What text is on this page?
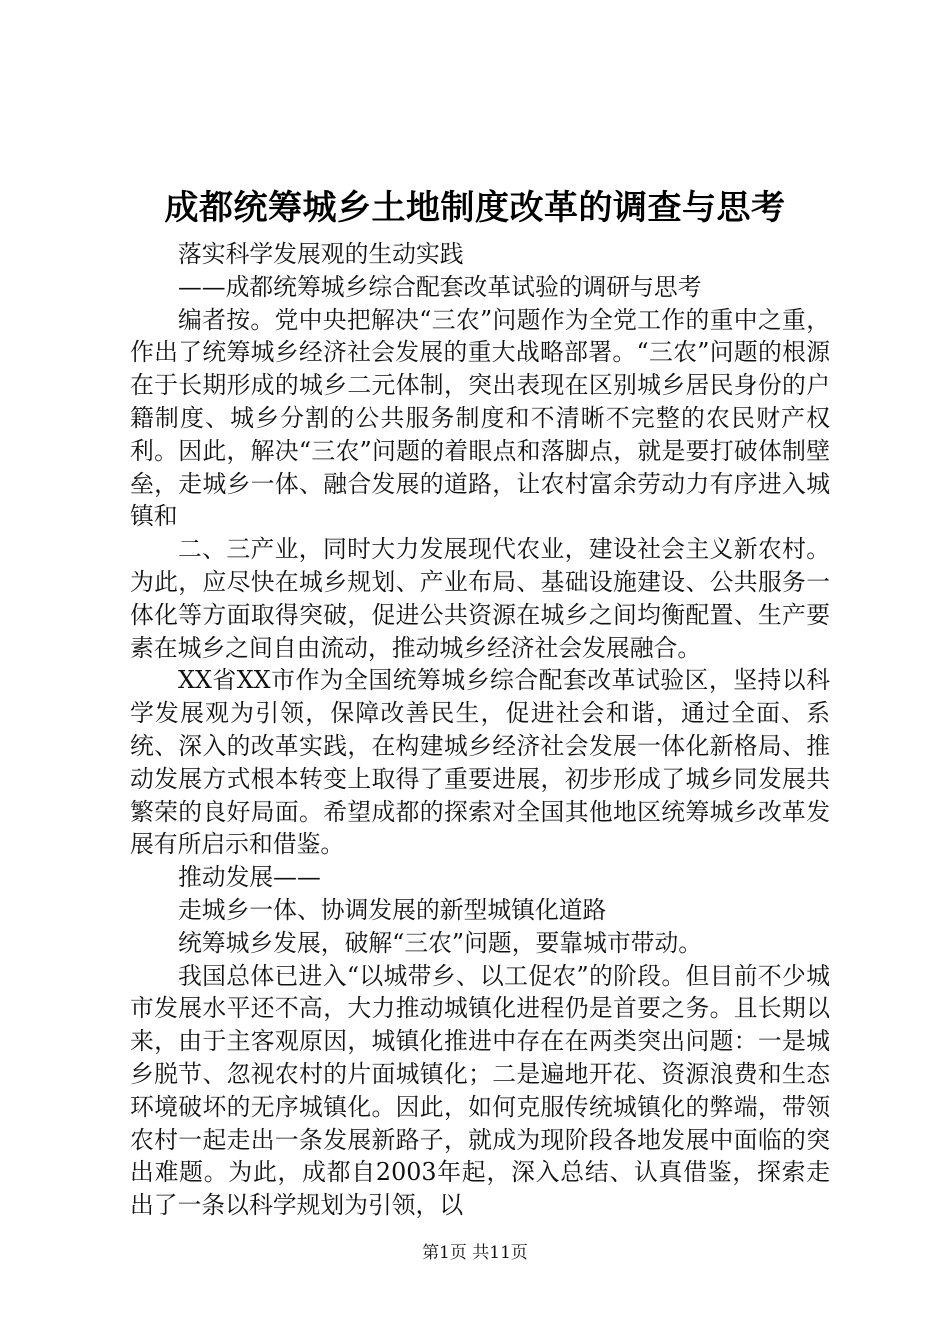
成都统筹城乡土地制度改革的调查与思考

落实科学发展观的生动实践

——成都统筹城乡综合配套改革试验的调研与思考

编者按。党中央把解决“三农”问题作为全党工作的重中之重，作出了统筹城乡经济社会发展的重大战略部署。“三农”问题的根源在于长期形成的城乡二元体制，突出表现在区别城乡居民身份的户籍制度、城乡分割的公共服务制度和不清晰不完整的农民财产权利。因此，解决“三农”问题的着眼点和落脚点，就是要打破体制壁垒，走城乡一体、融合发展的道路，让农村富余劳动力有序进入城镇和

二、三产业，同时大力发展现代农业，建设社会主义新农村。为此，应尽快在城乡规划、产业布局、基础设施建设、公共服务一体化等方面取得突破，促进公共资源在城乡之间均衡配置、生产要素在城乡之间自由流动，推动城乡经济社会发展融合。

XX省XX市作为全国统筹城乡综合配套改革试验区，坚持以科学发展观为引领，保障改善民生，促进社会和谐，通过全面、系统、深入的改革实践，在构建城乡经济社会发展一体化新格局、推动发展方式根本转变上取得了重要进展，初步形成了城乡同发展共繁荣的良好局面。希望成都的探索对全国其他地区统筹城乡改革发展有所启示和借鉴。

推动发展——

走城乡一体、协调发展的新型城镇化道路

统筹城乡发展，破解“三农”问题，要靠城市带动。

我国总体已进入“以城带乡、以工促农”的阶段。但目前不少城市发展水平还不高，大力推动城镇化进程仍是首要之务。且长期以来，由于主客观原因，城镇化推进中存在在两类突出问题：一是城乡脱节、忽视农村的片面城镇化；二是遍地开花、资源浪费和生态环境破坏的无序城镇化。因此，如何克服传统城镇化的弊端，带领农村一起走出一条发展新路子，就成为现阶段各地发展中面临的突出难题。为此，成都自2003年起，深入总结、认真借鉴，探索走出了一条以科学规划为引领，以

第1页 共11页
